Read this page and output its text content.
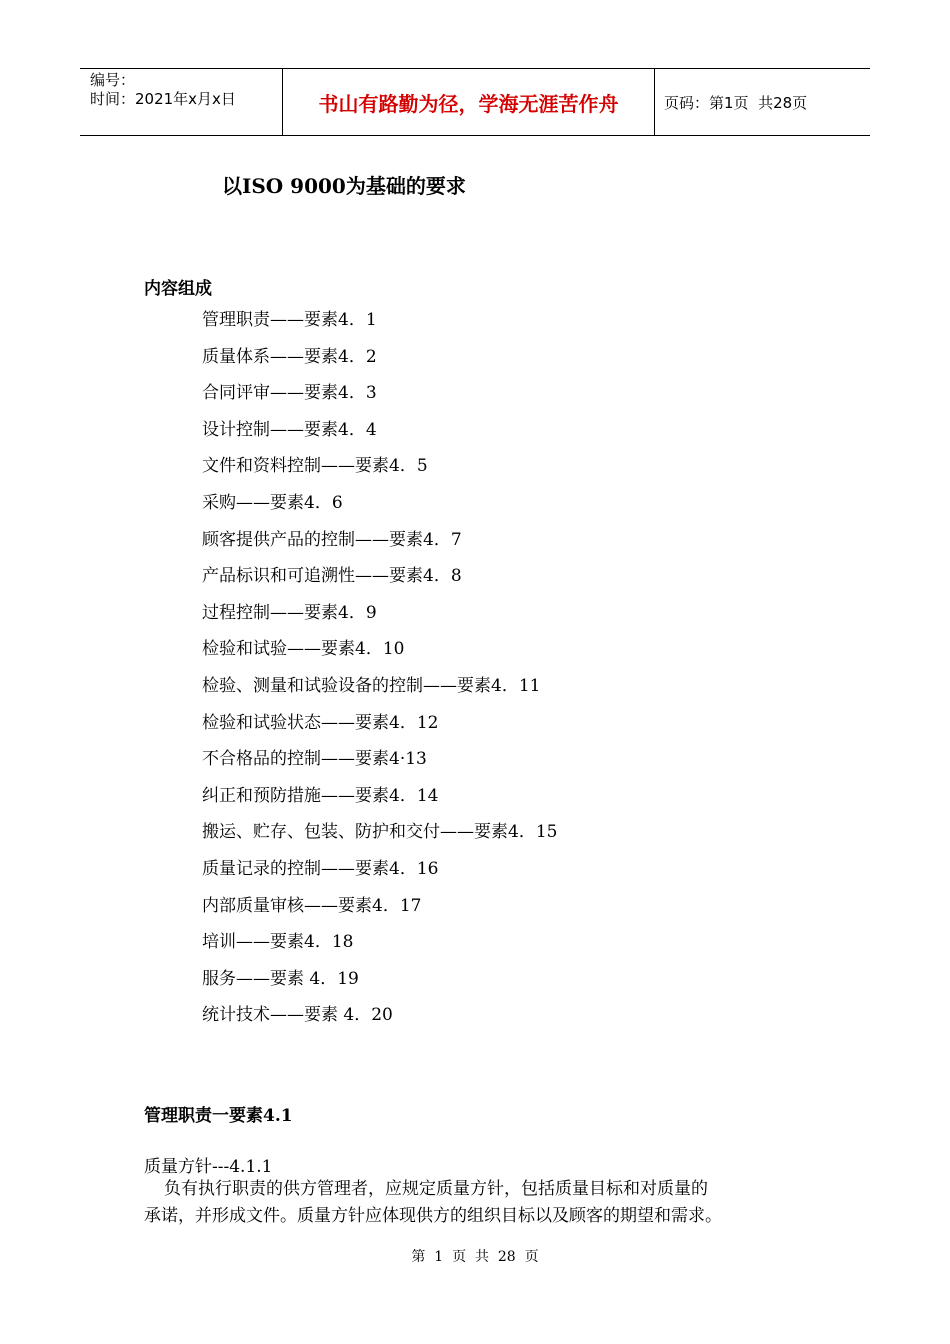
编号：
时间：2021年x月x日	书山有路勤为径，学海无涯苦作舟	页码：第1页  共28页
以ISO 9000为基础的要求
内容组成
管理职责——要素4．1
质量体系——要素4．2
合同评审——要素4．3
设计控制——要素4．4
文件和资料控制——要素4．5
采购——要素4．6
顾客提供产品的控制——要素4．7
产品标识和可追溯性——要素4．8
过程控制——要素4．9
检验和试验——要素4．10
检验、测量和试验设备的控制——要素4．11
检验和试验状态——要素4．12
不合格品的控制——要素4·13
纠正和预防措施——要素4．14
搬运、贮存、包装、防护和交付——要素4．15
质量记录的控制——要素4．16
内部质量审核——要素4．17
培训——要素4．18
服务——要素 4．19
统计技术——要素 4．20
管理职责一要素4.1
质量方针---4.1.1
负有执行职责的供方管理者，应规定质量方针，包括质量目标和对质量的
承诺，并形成文件。质量方针应体现供方的组织目标以及顾客的期望和需求。
第  1  页  共  28  页
